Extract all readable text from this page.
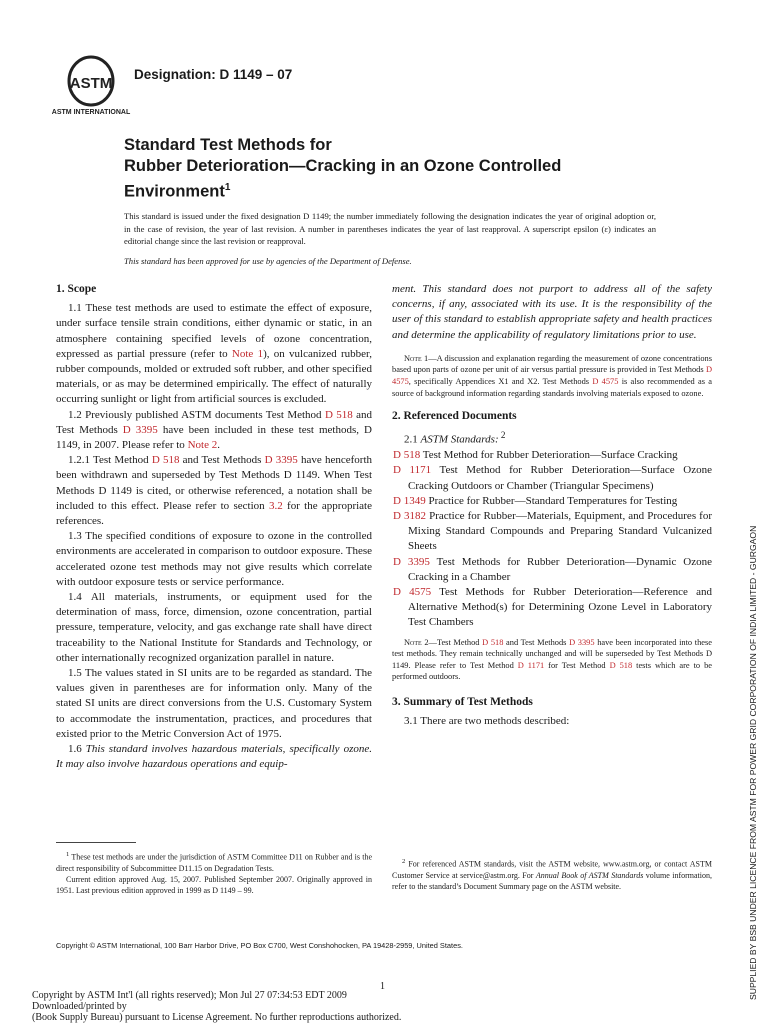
ASTM
ASTM INTERNATIONAL
Designation: D 1149 – 07
Standard Test Methods for
Rubber Deterioration—Cracking in an Ozone Controlled
Environment$^1$

This standard is issued under the fixed designation D 1149; the number immediately following the designation indicates the year of original adoption or, in the case of revision, the year of last revision. A number in parentheses indicates the year of last reapproval. A superscript epsilon (ε) indicates an editorial change since the last revision or reapproval.

This standard has been approved for use by agencies of the Department of Defense.

1. Scope

1.1 These test methods are used to estimate the effect of exposure, under surface tensile strain conditions, either dynamic or static, in an atmosphere containing specified levels of ozone concentration, expressed as partial pressure (refer to Note 1), on vulcanized rubber, rubber compounds, molded or extruded soft rubber, and other specified materials, or as may be determined empirically. The effect of naturally occurring sunlight or light from artificial sources is excluded.

1.2 Previously published ASTM documents Test Method D 518 and Test Methods D 3395 have been included in these test methods, D 1149, in 2007. Please refer to Note 2.

1.2.1 Test Method D 518 and Test Methods D 3395 have henceforth been withdrawn and superseded by Test Methods D 1149. When Test Methods D 1149 is cited, or otherwise referenced, a notation shall be included to this effect. Please refer to section 3.2 for the appropriate references.

1.3 The specified conditions of exposure to ozone in the controlled environments are accelerated in comparison to outdoor exposure. These accelerated ozone test methods may not give results which correlate with outdoor exposure tests or service performance.

1.4 All materials, instruments, or equipment used for the determination of mass, force, dimension, ozone concentration, partial pressure, temperature, velocity, and gas exchange rate shall have direct traceability to the National Institute for Standards and Technology, or other internationally recognized organization parallel in nature.

1.5 The values stated in SI units are to be regarded as standard. The values given in parentheses are for information only. Many of the stated SI units are direct conversions from the U.S. Customary System to accommodate the instrumentation, practices, and procedures that existed prior to the Metric Conversion Act of 1975.

1.6 This standard involves hazardous materials, specifically ozone. It may also involve hazardous operations and equip-

$^1$ These test methods are under the jurisdiction of ASTM Committee D11 on Rubber and is the direct responsibility of Subcommittee D11.15 on Degradation Tests.

Current edition approved Aug. 15, 2007. Published September 2007. Originally approved in 1951. Last previous edition approved in 1999 as D 1149 – 99.

ment. This standard does not purport to address all of the safety concerns, if any, associated with its use. It is the responsibility of the user of this standard to establish appropriate safety and health practices and determine the applicability of regulatory limitations prior to use.

Note 1—A discussion and explanation regarding the measurement of ozone concentrations based upon parts of ozone per unit of air versus partial pressure is provided in Test Methods D 4575, specifically Appendices X1 and X2. Test Methods D 4575 is also recommended as a source of background information regarding standards involving materials exposed to ozone.

2. Referenced Documents

2.1 ASTM Standards: $^2$

D 518 Test Method for Rubber Deterioration—Surface Cracking
D 1171 Test Method for Rubber Deterioration—Surface Ozone Cracking Outdoors or Chamber (Triangular Specimens)
D 1349 Practice for Rubber—Standard Temperatures for Testing
D 3182 Practice for Rubber—Materials, Equipment, and Procedures for Mixing Standard Compounds and Preparing Standard Vulcanized Sheets
D 3395 Test Methods for Rubber Deterioration—Dynamic Ozone Cracking in a Chamber
D 4575 Test Methods for Rubber Deterioration—Reference and Alternative Method(s) for Determining Ozone Level in Laboratory Test Chambers

Note 2—Test Method D 518 and Test Methods D 3395 have been incorporated into these test methods. They remain technically unchanged and will be superseded by Test Methods D 1149. Please refer to Test Method D 1171 for Test Method D 518 tests which are to be performed outdoors.

3. Summary of Test Methods

3.1 There are two methods described:

$^2$ For referenced ASTM standards, visit the ASTM website, www.astm.org, or contact ASTM Customer Service at service@astm.org. For Annual Book of ASTM Standards volume information, refer to the standard’s Document Summary page on the ASTM website.

Copyright © ASTM International, 100 Barr Harbor Drive, PO Box C700, West Conshohocken, PA 19428-2959, United States.
1
Copyright by ASTM Int'l (all rights reserved); Mon Jul 27 07:34:53 EDT 2009
Downloaded/printed by
(Book Supply Bureau) pursuant to License Agreement. No further reproductions authorized.
SUPPLIED BY BSB UNDER LICENCE FROM ASTM FOR POWER GRID CORPORATION OF INDIA LIMITED - GURGAON
